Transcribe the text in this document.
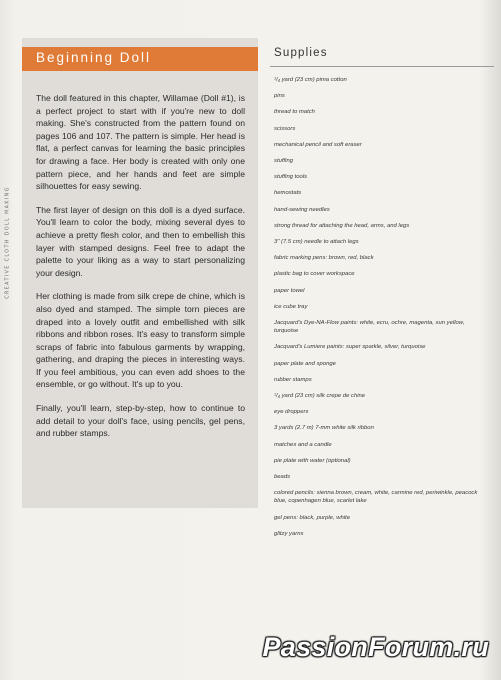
CREATIVE CLOTH DOLL MAKING
Beginning Doll

The doll featured in this chapter, Willamae (Doll #1), is a perfect project to start with if you're new to doll making. She's constructed from the pattern found on pages 106 and 107. The pattern is simple. Her head is flat, a perfect canvas for learning the basic principles for drawing a face. Her body is created with only one pattern piece, and her hands and feet are simple silhouettes for easy sewing.

The first layer of design on this doll is a dyed surface. You'll learn to color the body, mixing several dyes to achieve a pretty flesh color, and then to embellish this layer with stamped designs. Feel free to adapt the palette to your liking as a way to start personalizing your design.

Her clothing is made from silk crepe de chine, which is also dyed and stamped. The simple torn pieces are draped into a lovely outfit and embellished with silk ribbons and ribbon roses. It's easy to transform simple scraps of fabric into fabulous garments by wrapping, gathering, and draping the pieces in interesting ways. If you feel ambitious, you can even add shoes to the ensemble, or go without. It's up to you.

Finally, you'll learn, step-by-step, how to continue to add detail to your doll's face, using pencils, gel pens, and rubber stamps.

Supplies
¹/₄ yard (23 cm) pima cotton
pins
thread to match
scissors
mechanical pencil and soft eraser
stuffing
stuffing tools
hemostats
hand-sewing needles
strong thread for attaching the head, arms, and legs
3" (7.5 cm) needle to attach legs
fabric marking pens: brown, red, black
plastic bag to cover workspace
paper towel
ice cube tray
Jacquard's Dye-NA-Flow paints: white, ecru, ochre, magenta, sun yellow, turquoise
Jacquard's Lumiere paints: super sparkle, silver, turquoise
paper plate and sponge
rubber stamps
¹/₄ yard (23 cm) silk crepe de chine
eye droppers
3 yards (2.7 m) 7-mm white silk ribbon
matches and a candle
pie plate with water (optional)
beads
colored pencils: sienna brown, cream, white, carmine red, periwinkle, peacock blue, copenhagen blue, scarlet lake
gel pens: black, purple, white
glitzy yarns
PassionForum.ru
